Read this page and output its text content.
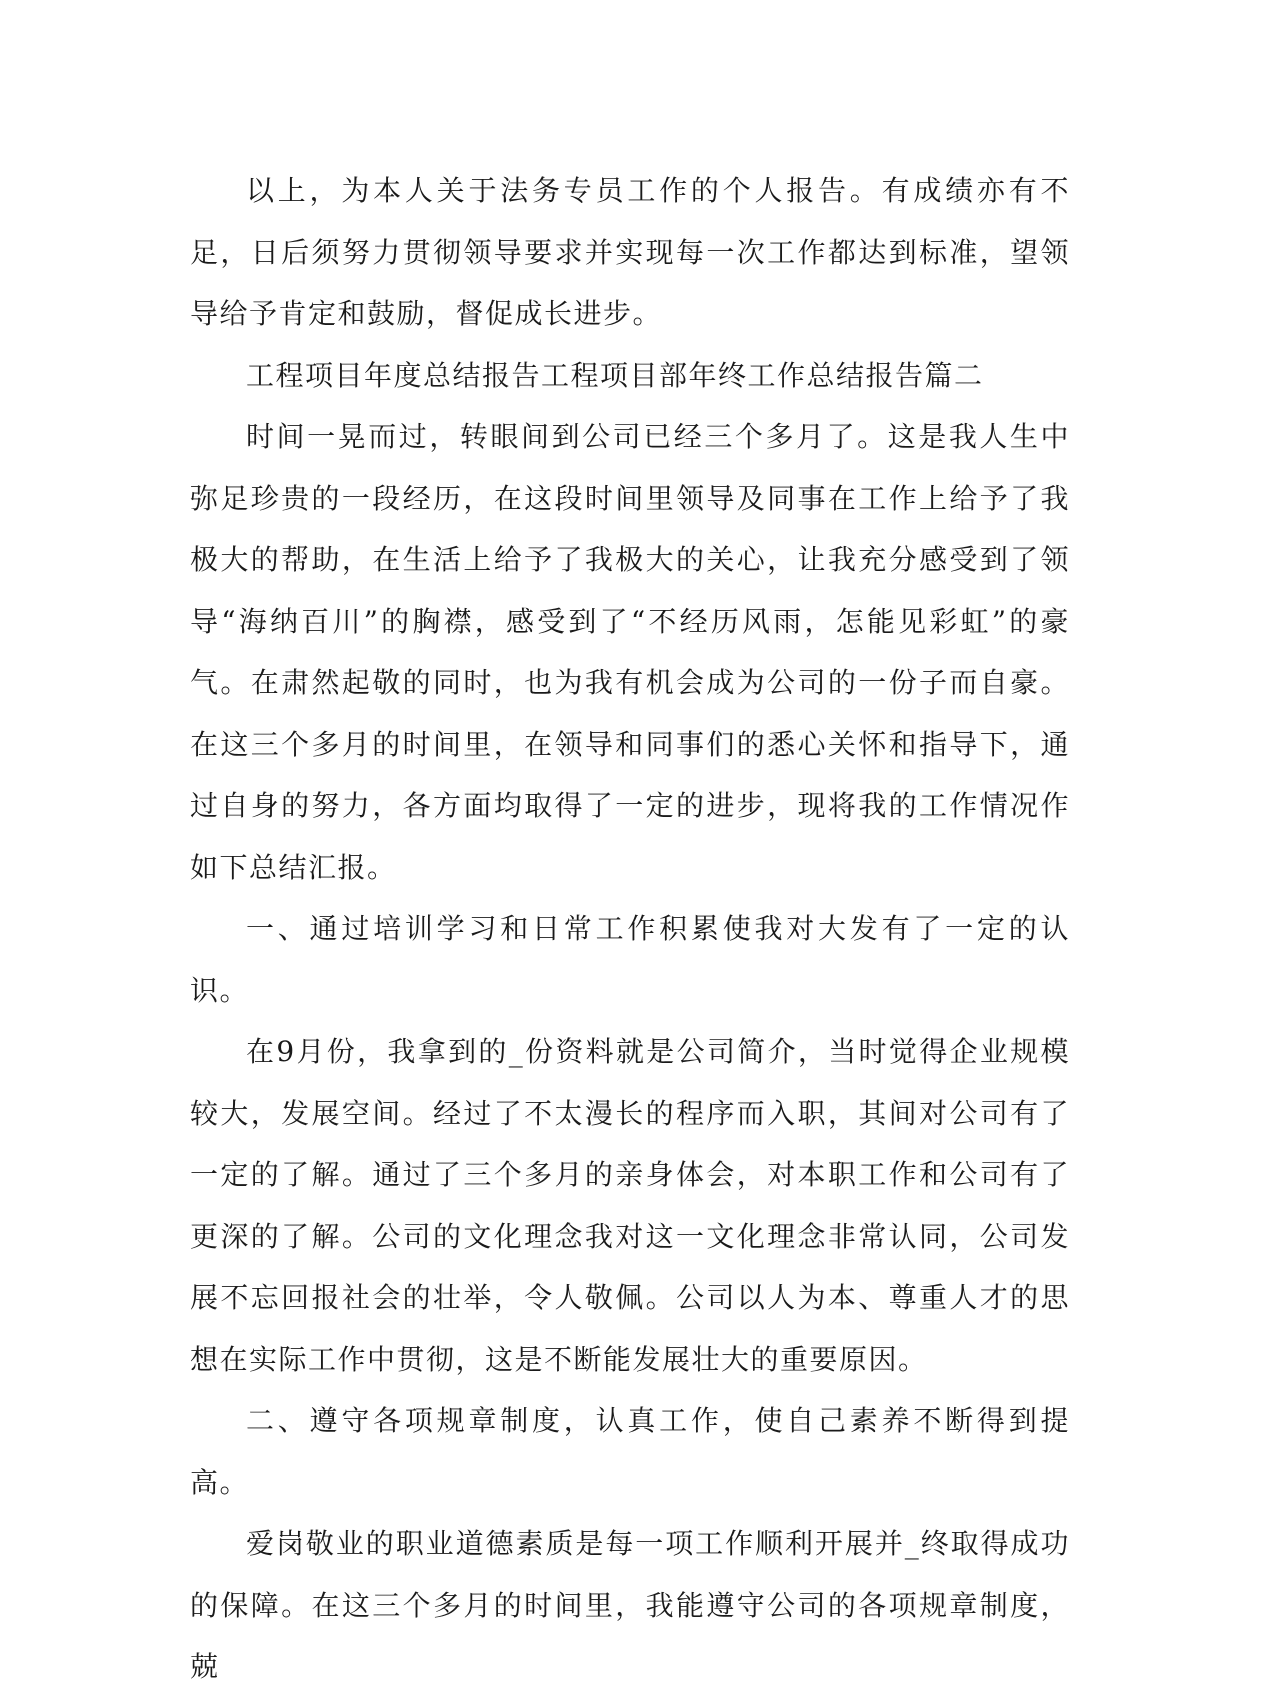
以上，为本人关于法务专员工作的个人报告。有成绩亦有不足，日后须努力贯彻领导要求并实现每一次工作都达到标准，望领导给予肯定和鼓励，督促成长进步。

工程项目年度总结报告工程项目部年终工作总结报告篇二

时间一晃而过，转眼间到公司已经三个多月了。这是我人生中弥足珍贵的一段经历，在这段时间里领导及同事在工作上给予了我极大的帮助，在生活上给予了我极大的关心，让我充分感受到了领导“海纳百川”的胸襟，感受到了“不经历风雨，怎能见彩虹”的豪气。在肃然起敬的同时，也为我有机会成为公司的一份子而自豪。在这三个多月的时间里，在领导和同事们的悉心关怀和指导下，通过自身的努力，各方面均取得了一定的进步，现将我的工作情况作如下总结汇报。

一、通过培训学习和日常工作积累使我对大发有了一定的认识。

在9月份，我拿到的_份资料就是公司简介，当时觉得企业规模较大，发展空间。经过了不太漫长的程序而入职，其间对公司有了一定的了解。通过了三个多月的亲身体会，对本职工作和公司有了更深的了解。公司的文化理念我对这一文化理念非常认同，公司发展不忘回报社会的壮举，令人敬佩。公司以人为本、尊重人才的思想在实际工作中贯彻，这是不断能发展壮大的重要原因。

二、遵守各项规章制度，认真工作，使自己素养不断得到提高。

爱岗敬业的职业道德素质是每一项工作顺利开展并_终取得成功的保障。在这三个多月的时间里，我能遵守公司的各项规章制度，兢
